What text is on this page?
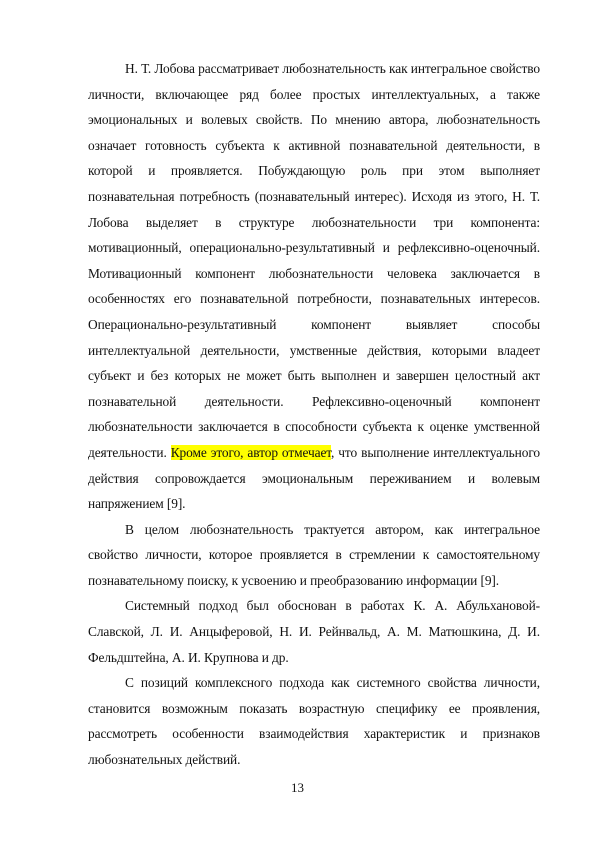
Н. Т. Лобова рассматривает любознательность как интегральное свойство личности, включающее ряд более простых интеллектуальных, а также эмоциональных и волевых свойств. По мнению автора, любознательность означает готовность субъекта к активной познавательной деятельности, в которой и проявляется. Побуждающую роль при этом выполняет познавательная потребность (познавательный интерес). Исходя из этого, Н. Т. Лобова выделяет в структуре любознательности три компонента: мотивационный, операционально-результативный и рефлексивно-оценочный. Мотивационный компонент любознательности человека заключается в особенностях его познавательной потребности, познавательных интересов. Операционально-результативный компонент выявляет способы интеллектуальной деятельности, умственные действия, которыми владеет субъект и без которых не может быть выполнен и завершен целостный акт познавательной деятельности. Рефлексивно-оценочный компонент любознательности заключается в способности субъекта к оценке умственной деятельности. Кроме этого, автор отмечает, что выполнение интеллектуального действия сопровождается эмоциональным переживанием и волевым напряжением [9].

В целом любознательность трактуется автором, как интегральное свойство личности, которое проявляется в стремлении к самостоятельному познавательному поиску, к усвоению и преобразованию информации [9].

Системный подход был обоснован в работах К. А. Абульхановой-Славской, Л. И. Анцыферовой, Н. И. Рейнвальд, А. М. Матюшкина, Д. И. Фельдштейна, А. И. Крупнова и др.

С позиций комплексного подхода как системного свойства личности, становится возможным показать возрастную специфику ее проявления, рассмотреть особенности взаимодействия характеристик и признаков любознательных действий.

13
